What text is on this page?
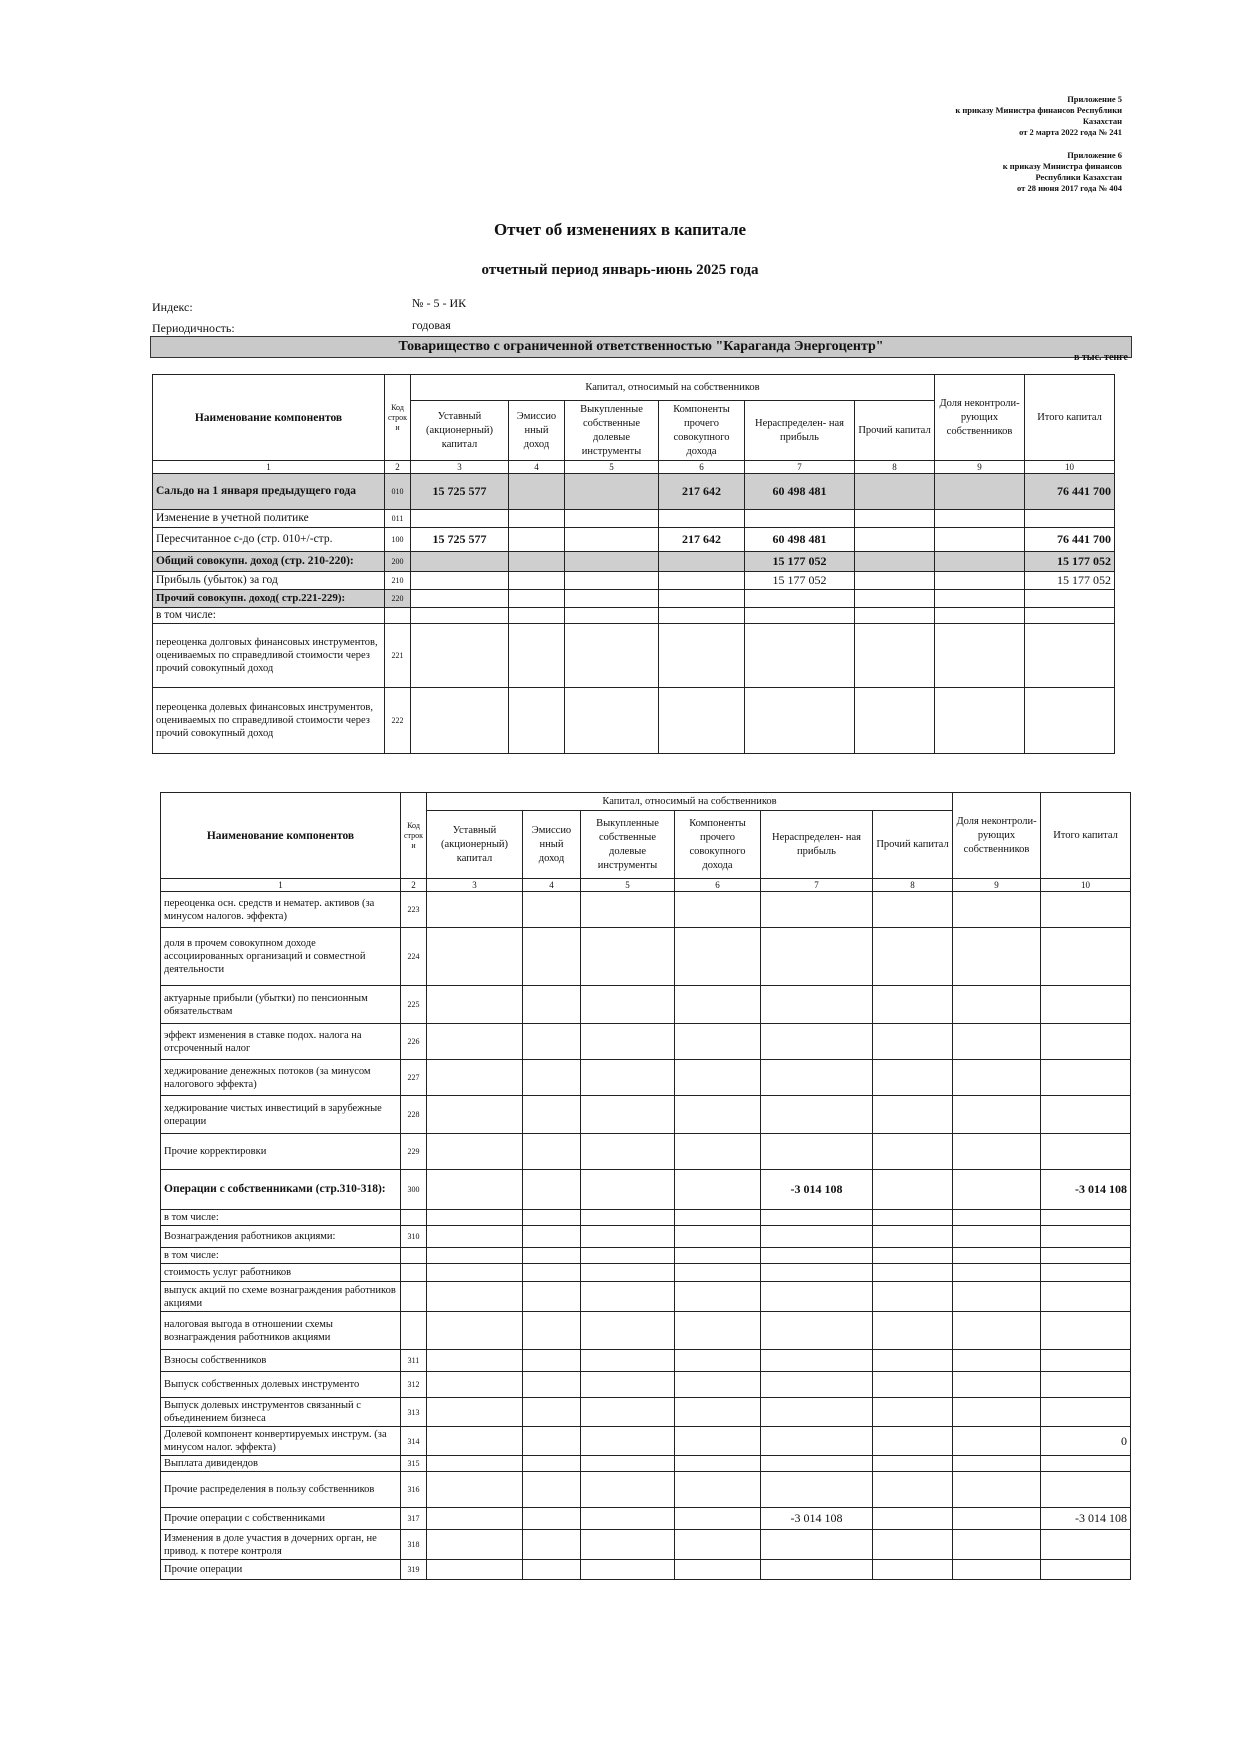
Приложение 5
к приказу Министра финансов Республики
Казахстан
от 2 марта 2022 года № 241
Приложение 6
к приказу Министра финансов
Республики Казахстан
от 28 июня 2017 года № 404
Отчет об изменениях в капитале
отчетный период январь-июнь 2025 года
Индекс:	№ - 5 - ИК
Периодичность:	годовая
Товарищество с ограниченной ответственностью "Караганда Энергоцентр"
в тыс. тенге
Наименование компонентов	Код строк и	Капитал, относимый на собственников						Доля неконтроли- рующих собственников	Итого капитал
		Уставный (акционерный) капитал	Эмиссио нный доход	Выкупленные собственные долевые инструменты	Компоненты прочего совокупного дохода	Нераспределен- ная прибыль	Прочий капитал		
1	2	3	4	5	6	7	8	9	10
Сальдо на 1 января предыдущего года	010	15 725 577			217 642	60 498 481			76 441 700
Изменение в учетной политике	011								
Пересчитанное с-до (стр. 010+/-стр.	100	15 725 577			217 642	60 498 481			76 441 700
Общий совокупн. доход (стр. 210-220):	200					15 177 052			15 177 052
Прибыль (убыток) за год	210					15 177 052			15 177 052
Прочий совокупн. доход( стр.221-229):	220								
в том числе:									
переоценка долговых финансовых инструментов, оцениваемых по справедливой стоимости через прочий совокупный доход	221								
переоценка долевых финансовых инструментов, оцениваемых по справедливой стоимости через прочий совокупный доход	222								
Наименование компонентов	Код строк и	Капитал, относимый на собственников						Доля неконтроли- рующих собственников	Итого капитал
		Уставный (акционерный) капитал	Эмиссио нный доход	Выкупленные собственные долевые инструменты	Компоненты прочего совокупного дохода	Нераспределен- ная прибыль	Прочий капитал		
1	2	3	4	5	6	7	8	9	10
переоценка осн. средств и нематер. активов (за минусом налогов. эффекта)	223								
доля в прочем совокупном доходе ассоциированных организаций и совместной деятельности	224								
актуарные прибыли (убытки) по пенсионным обязательствам	225								
эффект изменения в ставке подох. налога на отсроченный налог	226								
хеджирование денежных потоков (за минусом налогового эффекта)	227								
хеджирование чистых инвестиций в зарубежные операции	228								
Прочие корректировки	229								
Операции с собственниками (стр.310-318):	300					-3 014 108			-3 014 108
в том числе:									
Вознаграждения работников акциями:	310								
в том числе:									
стоимость услуг работников									
выпуск акций по схеме вознаграждения работников акциями									
налоговая выгода в отношении схемы вознаграждения работников акциями									
Взносы собственников	311								
Выпуск собственных долевых инструменто	312								
Выпуск долевых инструментов связанный с объединением бизнеса	313								
Долевой компонент конвертируемых инструм. (за минусом налог. эффекта)	314								0
Выплата дивидендов	315								
Прочие распределения в пользу собственников	316								
Прочие операции с собственниками	317					-3 014 108			-3 014 108
Изменения в доле участия в дочерних орган, не привод. к потере контроля	318								
Прочие операции	319								
